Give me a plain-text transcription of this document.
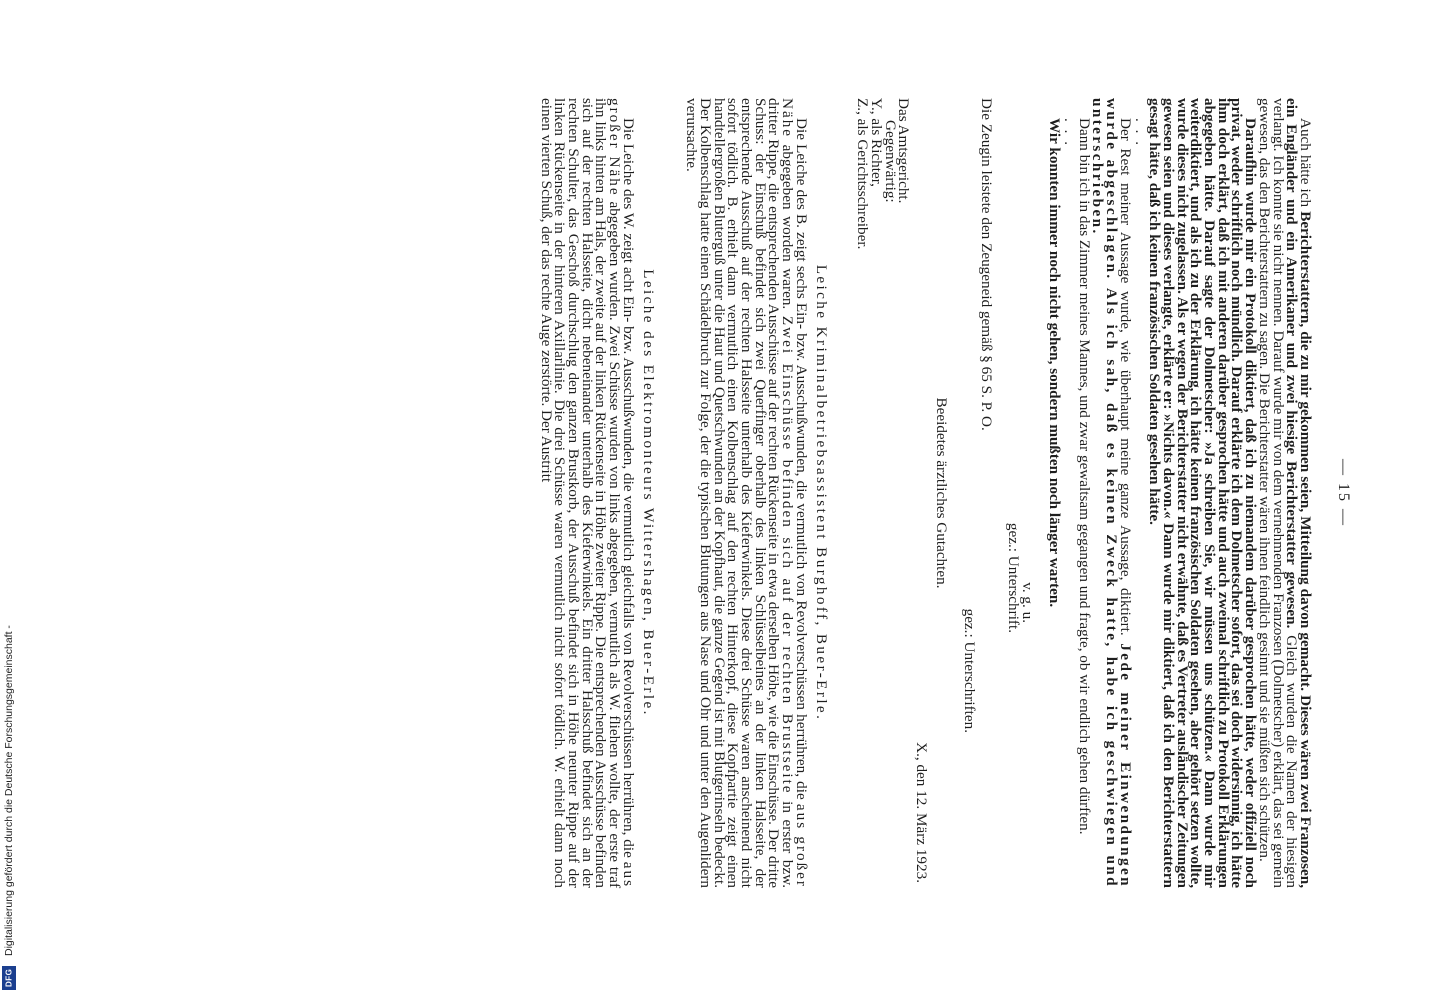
— 15 —

Auch hätte ich Berichterstattern, die zu mir gekommen seien, Mitteilung davon gemacht. Dieses wären zwei Franzosen, ein Engländer und ein Amerikaner und zwei hiesige Berichterstatter gewesen. Gleich wurden die Namen der hiesigen verlangt. Ich konnte sie nicht nennen. Darauf wurde mir von dem vernehmenden Franzosen (Dolmetscher) erklärt, das sei gemein gewesen, das den Berichterstattern zu sagen. Die Berichterstatter wären ihnen feindlich gesinnt und sie müßten sich schützen.

Daraufhin wurde mir ein Protokoll diktiert, daß ich zu niemandem darüber gesprochen hätte, weder offiziell noch privat, weder schriftlich noch mündlich. Darauf erklärte ich dem Dolmetscher sofort, das sei doch widersinnig, ich hätte ihm doch erklärt, daß ich mit anderen darüber gesprochen hätte und auch zweimal schriftlich zu Protokoll Erklärungen abgegeben hätte. Darauf sagte der Dolmetscher: »Ja schreiben Sie, wir müssen uns schützen.« Dann wurde mir weiterdiktiert, und als ich zu der Erklärung, ich hätte keinen französischen Soldaten gesehen, aber gehört setzen wollte, wurde dieses nicht zugelassen. Als er wegen der Berichterstatter nicht erwähnte, daß es Vertreter ausländischer Zeitungen gewesen seien und dieses verlangte, erklärte er: »Nichts davon.« Dann wurde mir diktiert, daß ich den Berichterstattern gesagt hätte, daß ich keinen französischen Soldaten gesehen hätte.

. . .

Der Rest meiner Aussage wurde, wie überhaupt meine ganze Aussage, diktiert. Jede meiner Einwendungen wurde abgeschlagen. Als ich sah, daß es keinen Zweck hatte, habe ich geschwiegen und unterschrieben.

Dann bin ich in das Zimmer meines Mannes, und zwar gewaltsam gegangen und fragte, ob wir endlich gehen dürften.

. . .

Wir konnten immer noch nicht gehen, sondern mußten noch länger warten.

v. g. u.
gez.: Unterschrift.

Die Zeugin leistete den Zeugeneid gemäß § 65 S. P. O.

gez.: Unterschriften.
Beeidetes ärztliches Gutachten.
X., den 12. März 1923.

Das Amtsgericht.

Gegenwärtig:
Y., als Richter,
Z., als Gerichtsschreiber.
Leiche Kriminalbetriebsassistent Burghoff, Buer-Erle.

Die Leiche des B. zeigt sechs Ein- bzw. Ausschußwunden, die vermutlich von Revolverschüssen herrühren, die aus großer Nähe abgegeben worden waren. Zwei Einschüsse befinden sich auf der rechten Brustseite in erster bzw. dritter Rippe, die entsprechenden Ausschüsse auf der rechten Rückenseite in etwa derselben Höhe, wie die Einschüsse. Der dritte Schuss: der Einschuß befindet sich zwei Querfinger oberhalb des linken Schlüsselbeines an der linken Halsseite, der entsprechende Ausschuß auf der rechten Halsseite unterhalb des Kieferwinkels. Diese drei Schüsse waren anscheinend nicht sofort tödlich. B. erhielt dann vermutlich einen Kolbenschlag auf den rechten Hinterkopf, diese Kopfpartie zeigt einen handtellergroßen Bluterguß unter die Haut und Quetschwunden an der Kopfhaut, die ganze Gegend ist mit Blutgerinseln bedeckt. Der Kolbenschlag hatte einen Schädelbruch zur Folge, der die typischen Blutungen aus Nase und Ohr und unter den Augenlidern verursachte.

Leiche des Elektromonteurs Wittershagen, Buer-Erle.

Die Leiche des W. zeigt acht Ein- bzw. Ausschußwunden, die vermutlich gleichfalls von Revolverschüssen herrühren, die aus großer Nähe abgegeben wurden. Zwei Schüsse wurden von links abgegeben, vermutlich als W. fliehen wollte, der erste traf ihn links hinten am Hals, der zweite auf der linken Rückenseite in Höhe zweiter Rippe. Die entsprechenden Ausschüsse befinden sich auf der rechten Halsseite, dicht nebeneinander unterhalb des Kieferwinkels. Ein dritter Halsschuß befindet sich an der rechten Schulter, das Geschoß durchschlug den ganzen Brustkorb, der Ausschuß befindet sich in Höhe neunter Rippe auf der linken Rückenseite in der hinteren Axillarlinie. Die drei Schüsse waren vermutlich nicht sofort tödlich. W. erhielt dann noch einen vierten Schuß, der das rechte Auge zerstörte. Der Austritt

Digitalisierung gefördert durch die Deutsche Forschungsgemeinschaft -
DFG
